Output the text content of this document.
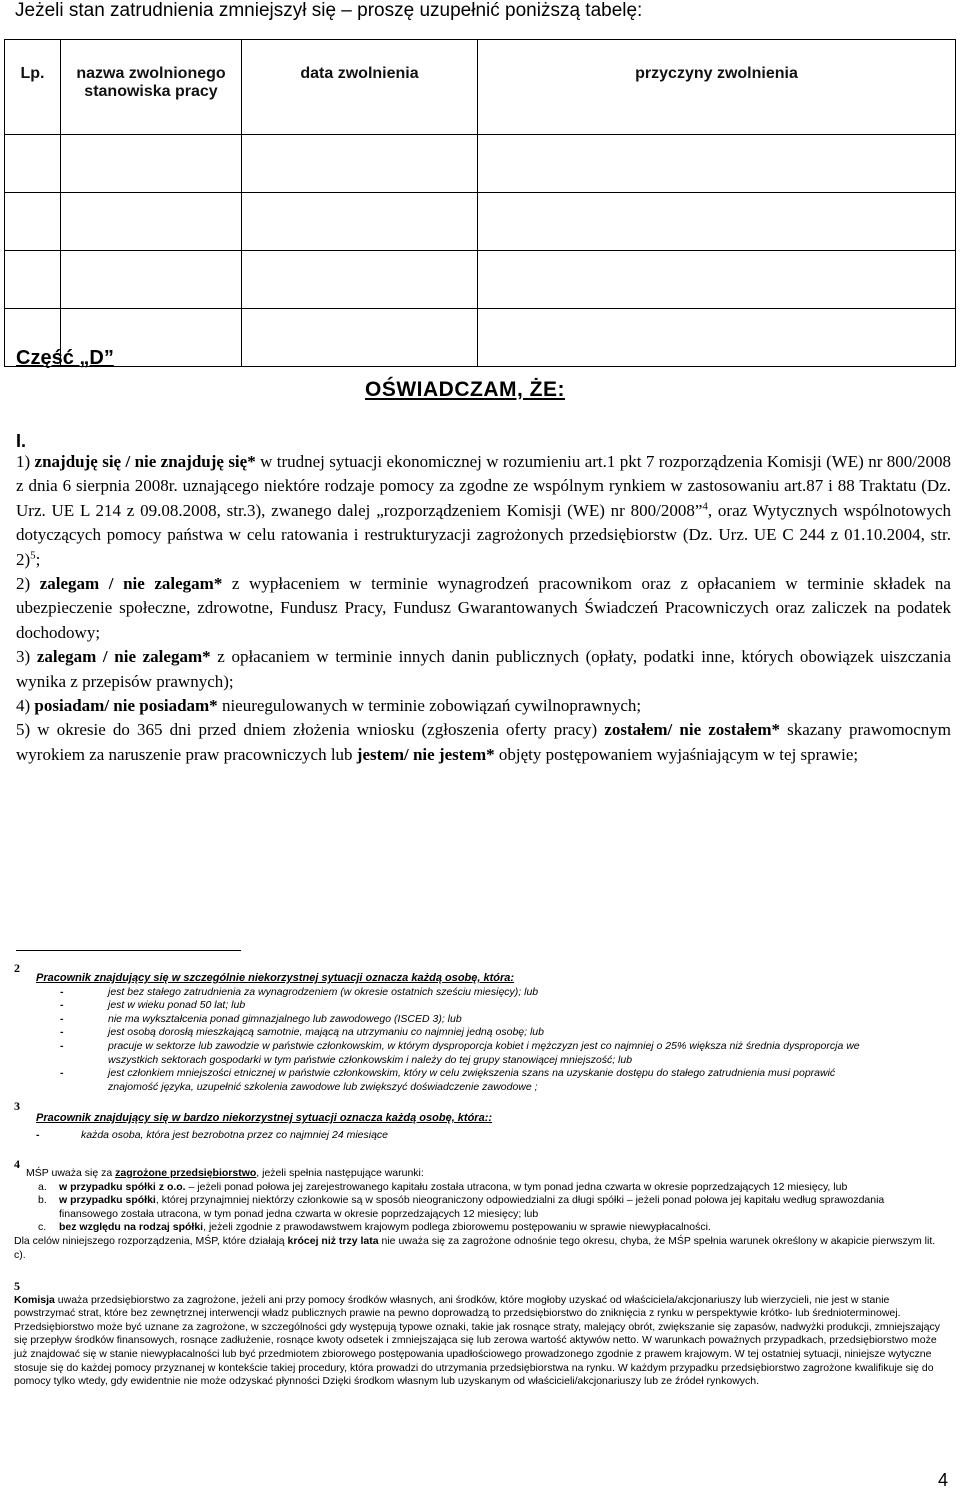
Jeżeli stan zatrudnienia zmniejszył się – proszę uzupełnić poniższą tabelę:
Lp.	nazwa zwolnionego stanowiska pracy	data zwolnienia	przyczyny zwolnienia

Część „D”
OŚWIADCZAM, ŻE:
I.

1) znajduję się / nie znajduję się* w trudnej sytuacji ekonomicznej w rozumieniu art.1 pkt 7 rozporządzenia Komisji (WE) nr 800/2008 z dnia 6 sierpnia 2008r. uznającego niektóre rodzaje pomocy za zgodne ze wspólnym rynkiem w zastosowaniu art.87 i 88 Traktatu (Dz. Urz. UE L 214 z 09.08.2008, str.3), zwanego dalej „rozporządzeniem Komisji (WE) nr 800/2008”$^4$, oraz Wytycznych wspólnotowych dotyczących pomocy państwa w celu ratowania i restrukturyzacji zagrożonych przedsiębiorstw (Dz. Urz. UE C 244 z 01.10.2004, str. 2)$^5$;

2) zalegam / nie zalegam* z wypłaceniem w terminie wynagrodzeń pracownikom oraz z opłacaniem w terminie składek na ubezpieczenie społeczne, zdrowotne, Fundusz Pracy, Fundusz Gwarantowanych Świadczeń Pracowniczych oraz zaliczek na podatek dochodowy;

3) zalegam / nie zalegam* z opłacaniem w terminie innych danin publicznych (opłaty, podatki inne, których obowiązek uiszczania wynika z przepisów prawnych);

4) posiadam/ nie posiadam* nieuregulowanych w terminie zobowiązań cywilnoprawnych;

5) w okresie do 365 dni przed dniem złożenia wniosku (zgłoszenia oferty pracy) zostałem/ nie zostałem* skazany prawomocnym wyrokiem za naruszenie praw pracowniczych lub jestem/ nie jestem* objęty postępowaniem wyjaśniającym w tej sprawie;

2
Pracownik znajdujący się w szczególnie niekorzystnej sytuacji oznacza każdą osobę, która:
- jest bez stałego zatrudnienia za wynagrodzeniem (w okresie ostatnich sześciu miesięcy); lub
- jest w wieku ponad 50 lat; lub
- nie ma wykształcenia ponad gimnazjalnego lub zawodowego (ISCED 3); lub
- jest osobą dorosłą mieszkającą samotnie, mającą na utrzymaniu co najmniej jedną osobę; lub
- pracuje w sektorze lub zawodzie w państwie członkowskim, w którym dysproporcja kobiet i mężczyzn jest co najmniej o 25% większa niż średnia dysproporcja we wszystkich sektorach gospodarki w tym państwie członkowskim i należy do tej grupy stanowiącej mniejszość; lub
- jest członkiem mniejszości etnicznej w państwie członkowskim, który w celu zwiększenia szans na uzyskanie dostępu do stałego zatrudnienia musi poprawić znajomość języka, uzupełnić szkolenia zawodowe lub zwiększyć doświadczenie zawodowe ;
3
Pracownik znajdujący się w bardzo niekorzystnej sytuacji oznacza każdą osobę, która::
- każda osoba, która jest bezrobotna przez co najmniej 24 miesiące
4
MŚP uważa się za zagrożone przedsiębiorstwo, jeżeli spełnia następujące warunki:
a. w przypadku spółki z o.o. – jeżeli ponad połowa jej zarejestrowanego kapitału została utracona, w tym ponad jedna czwarta w okresie poprzedzających 12 miesięcy, lub
b. w przypadku spółki, której przynajmniej niektórzy członkowie są w sposób nieograniczony odpowiedzialni za długi spółki – jeżeli ponad połowa jej kapitału według sprawozdania finansowego została utracona, w tym ponad jedna czwarta w okresie poprzedzających 12 miesięcy; lub
c. bez względu na rodzaj spółki, jeżeli zgodnie z prawodawstwem krajowym podlega zbiorowemu postępowaniu w sprawie niewypłacalności.
Dla celów niniejszego rozporządzenia, MŚP, które działają krócej niż trzy lata nie uważa się za zagrożone odnośnie tego okresu, chyba, że MŚP spełnia warunek określony w akapicie pierwszym lit. c).
5
Komisja uważa przedsiębiorstwo za zagrożone, jeżeli ani przy pomocy środków własnych, ani środków, które mogłoby uzyskać od właściciela/akcjonariuszy lub wierzycieli, nie jest w stanie powstrzymać strat, które bez zewnętrznej interwencji władz publicznych prawie na pewno doprowadzą to przedsiębiorstwo do zniknięcia z rynku w perspektywie krótko- lub średnioterminowej.
Przedsiębiorstwo może być uznane za zagrożone, w szczególności gdy występują typowe oznaki, takie jak rosnące straty, malejący obrót, zwiększanie się zapasów, nadwyżki produkcji, zmniejszający się przepływ środków finansowych, rosnące zadłużenie, rosnące kwoty odsetek i zmniejszająca się lub zerowa wartość aktywów netto. W warunkach poważnych przypadkach, przedsiębiorstwo może już znajdować się w stanie niewypłacalności lub być przedmiotem zbiorowego postępowania upadłościowego prowadzonego zgodnie z prawem krajowym. W tej ostatniej sytuacji, niniejsze wytyczne stosuje się do każdej pomocy przyznanej w kontekście takiej procedury, która prowadzi do utrzymania przedsiębiorstwa na rynku. W każdym przypadku przedsiębiorstwo zagrożone kwalifikuje się do pomocy tylko wtedy, gdy ewidentnie nie może odzyskać płynności Dzięki środkom własnym lub uzyskanym od właścicieli/akcjonariuszy lub ze źródeł rynkowych.
4
